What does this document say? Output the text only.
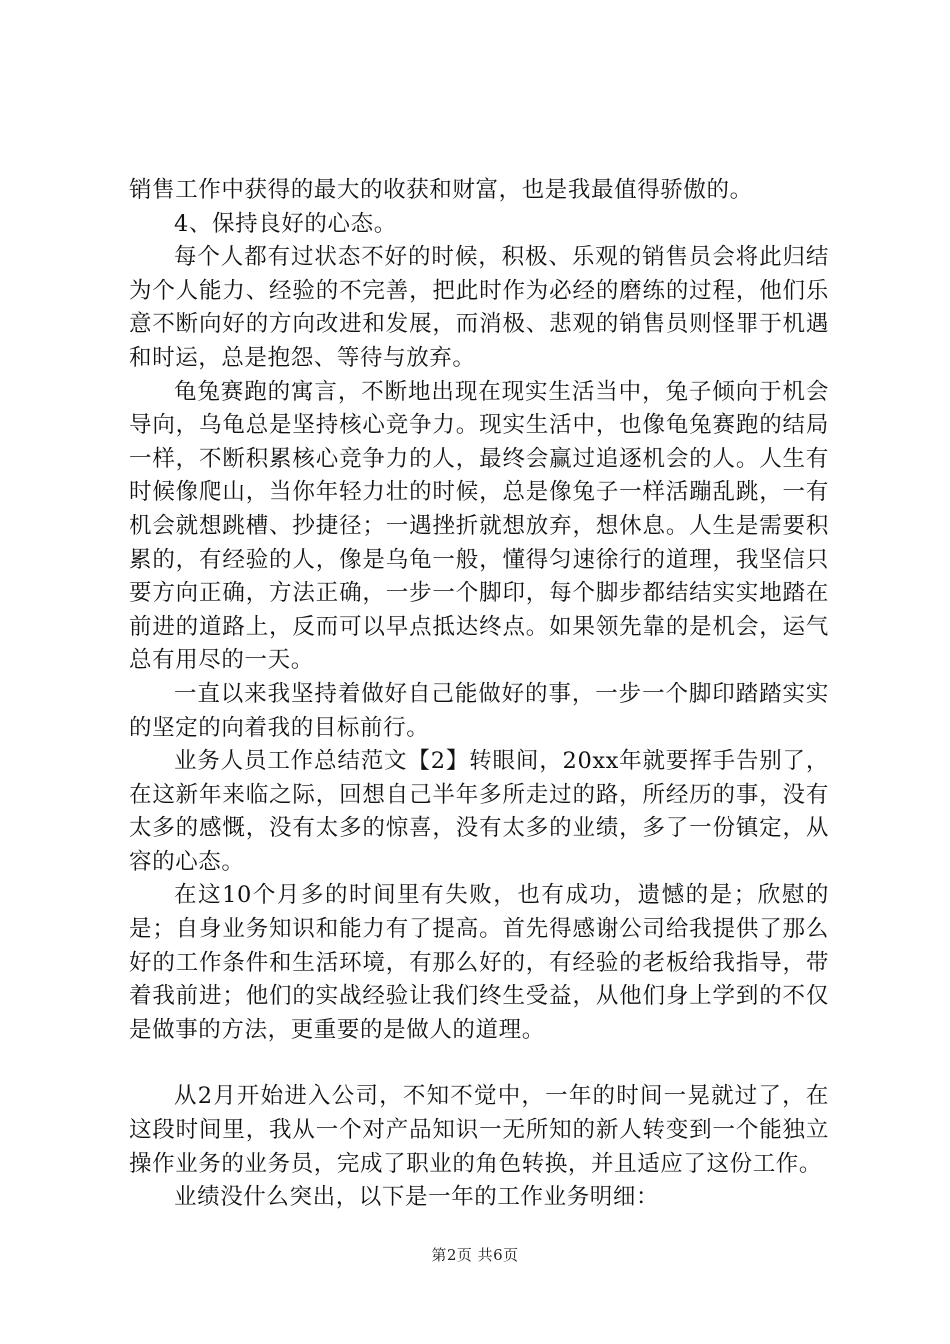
销售工作中获得的最大的收获和财富，也是我最值得骄傲的。

4、保持良好的心态。

每个人都有过状态不好的时候，积极、乐观的销售员会将此归结为个人能力、经验的不完善，把此时作为必经的磨练的过程，他们乐意不断向好的方向改进和发展，而消极、悲观的销售员则怪罪于机遇和时运，总是抱怨、等待与放弃。

龟兔赛跑的寓言，不断地出现在现实生活当中，兔子倾向于机会导向，乌龟总是坚持核心竞争力。现实生活中，也像龟兔赛跑的结局一样，不断积累核心竞争力的人，最终会赢过追逐机会的人。人生有时候像爬山，当你年轻力壮的时候，总是像兔子一样活蹦乱跳，一有机会就想跳槽、抄捷径；一遇挫折就想放弃，想休息。人生是需要积累的，有经验的人，像是乌龟一般，懂得匀速徐行的道理，我坚信只要方向正确，方法正确，一步一个脚印，每个脚步都结结实实地踏在前进的道路上，反而可以早点抵达终点。如果领先靠的是机会，运气总有用尽的一天。

一直以来我坚持着做好自己能做好的事，一步一个脚印踏踏实实的坚定的向着我的目标前行。

业务人员工作总结范文【2】转眼间，20xx年就要挥手告别了，在这新年来临之际，回想自己半年多所走过的路，所经历的事，没有太多的感慨，没有太多的惊喜，没有太多的业绩，多了一份镇定，从容的心态。

在这10个月多的时间里有失败，也有成功，遗憾的是；欣慰的是；自身业务知识和能力有了提高。首先得感谢公司给我提供了那么好的工作条件和生活环境，有那么好的，有经验的老板给我指导，带着我前进；他们的实战经验让我们终生受益，从他们身上学到的不仅是做事的方法，更重要的是做人的道理。

从2月开始进入公司，不知不觉中，一年的时间一晃就过了，在这段时间里，我从一个对产品知识一无所知的新人转变到一个能独立操作业务的业务员，完成了职业的角色转换，并且适应了这份工作。

业绩没什么突出，以下是一年的工作业务明细：

第2页 共6页
